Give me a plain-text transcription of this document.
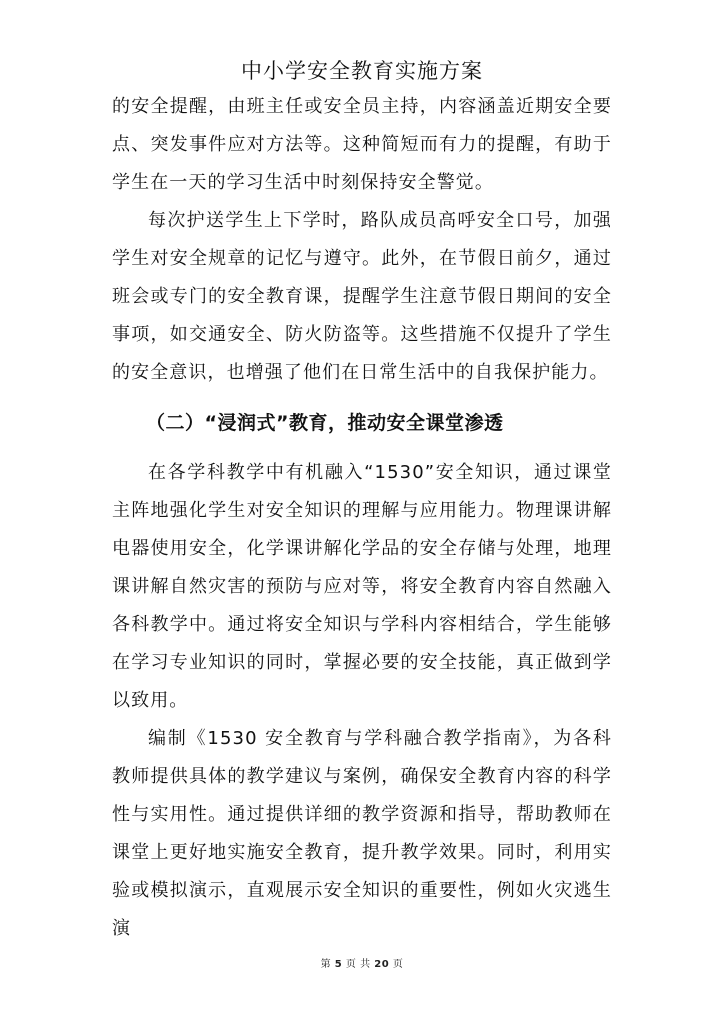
中小学安全教育实施方案

的安全提醒，由班主任或安全员主持，内容涵盖近期安全要点、突发事件应对方法等。这种简短而有力的提醒，有助于学生在一天的学习生活中时刻保持安全警觉。

每次护送学生上下学时，路队成员高呼安全口号，加强学生对安全规章的记忆与遵守。此外，在节假日前夕，通过班会或专门的安全教育课，提醒学生注意节假日期间的安全事项，如交通安全、防火防盗等。这些措施不仅提升了学生的安全意识，也增强了他们在日常生活中的自我保护能力。

（二）“浸润式”教育，推动安全课堂渗透

在各学科教学中有机融入“1530”安全知识，通过课堂主阵地强化学生对安全知识的理解与应用能力。物理课讲解电器使用安全，化学课讲解化学品的安全存储与处理，地理课讲解自然灾害的预防与应对等，将安全教育内容自然融入各科教学中。通过将安全知识与学科内容相结合，学生能够在学习专业知识的同时，掌握必要的安全技能，真正做到学以致用。

编制《1530 安全教育与学科融合教学指南》，为各科教师提供具体的教学建议与案例，确保安全教育内容的科学性与实用性。通过提供详细的教学资源和指导，帮助教师在课堂上更好地实施安全教育，提升教学效果。同时，利用实验或模拟演示，直观展示安全知识的重要性，例如火灾逃生演

第 5 页 共 20 页
